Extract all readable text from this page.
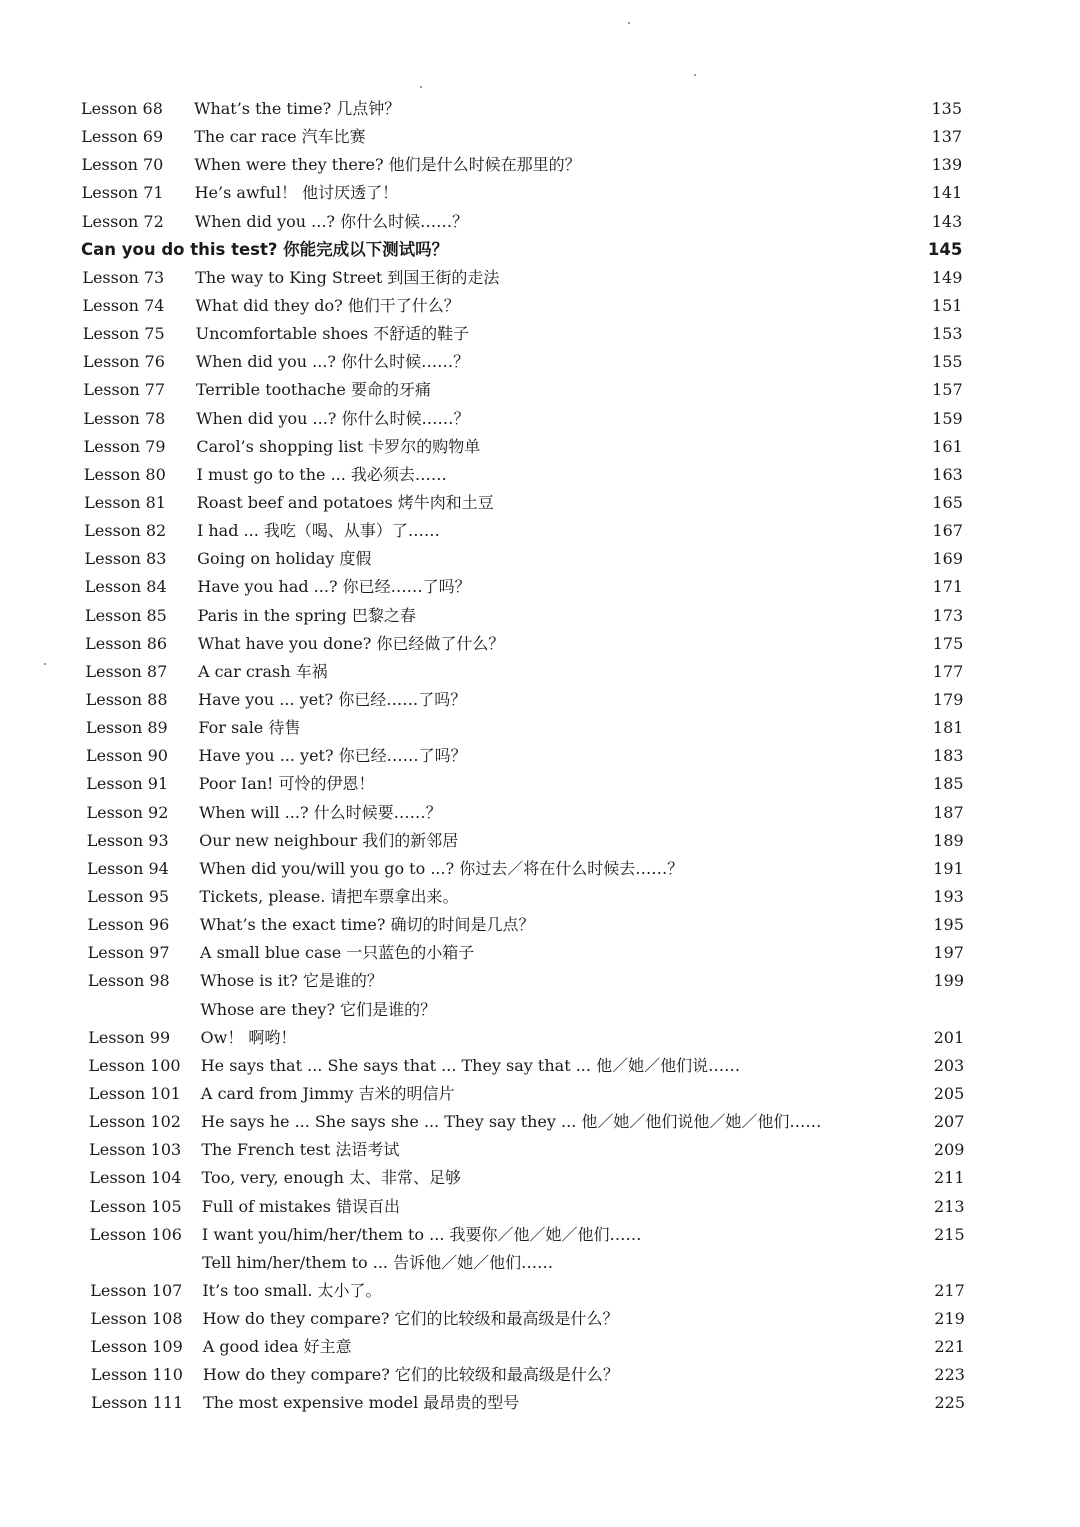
Lesson 68 What’s the time? 几点钟？	135
Lesson 69 The car race 汽车比赛	137
Lesson 70 When were they there? 他们是什么时候在那里的？	139
Lesson 71 He’s awful！ 他讨厌透了！	141
Lesson 72 When did you ...? 你什么时候……？	143
Can you do this test? 你能完成以下测试吗？	145
Lesson 73 The way to King Street 到国王街的走法	149
Lesson 74 What did they do? 他们干了什么？	151
Lesson 75 Uncomfortable shoes 不舒适的鞋子	153
Lesson 76 When did you ...? 你什么时候……？	155
Lesson 77 Terrible toothache 要命的牙痛	157
Lesson 78 When did you ...? 你什么时候……？	159
Lesson 79 Carol’s shopping list 卡罗尔的购物单	161
Lesson 80 I must go to the ... 我必须去……	163
Lesson 81 Roast beef and potatoes 烤牛肉和土豆	165
Lesson 82 I had ... 我吃（喝、从事）了……	167
Lesson 83 Going on holiday 度假	169
Lesson 84 Have you had ...? 你已经……了吗？	171
Lesson 85 Paris in the spring 巴黎之春	173
Lesson 86 What have you done? 你已经做了什么？	175
Lesson 87 A car crash 车祸	177
Lesson 88 Have you ... yet? 你已经……了吗？	179
Lesson 89 For sale 待售	181
Lesson 90 Have you ... yet? 你已经……了吗？	183
Lesson 91 Poor Ian! 可怜的伊恩！	185
Lesson 92 When will ...? 什么时候要……？	187
Lesson 93 Our new neighbour 我们的新邻居	189
Lesson 94 When did you/will you go to ...? 你过去／将在什么时候去……？	191
Lesson 95 Tickets, please. 请把车票拿出来。	193
Lesson 96 What’s the exact time? 确切的时间是几点？	195
Lesson 97 A small blue case 一只蓝色的小箱子	197
Lesson 98 Whose is it? 它是谁的？	199
Whose are they? 它们是谁的？
Lesson 99 Ow！ 啊哟！	201
Lesson 100 He says that ... She says that ... They say that ... 他／她／他们说……	203
Lesson 101 A card from Jimmy 吉米的明信片	205
Lesson 102 He says he ... She says she ... They say they ... 他／她／他们说他／她／他们……	207
Lesson 103 The French test 法语考试	209
Lesson 104 Too, very, enough 太、非常、足够	211
Lesson 105 Full of mistakes 错误百出	213
Lesson 106 I want you/him/her/them to ... 我要你／他／她／他们……	215
Tell him/her/them to ... 告诉他／她／他们……
Lesson 107 It’s too small. 太小了。	217
Lesson 108 How do they compare? 它们的比较级和最高级是什么？	219
Lesson 109 A good idea 好主意	221
Lesson 110 How do they compare? 它们的比较级和最高级是什么？	223
Lesson 111 The most expensive model 最昂贵的型号	225
